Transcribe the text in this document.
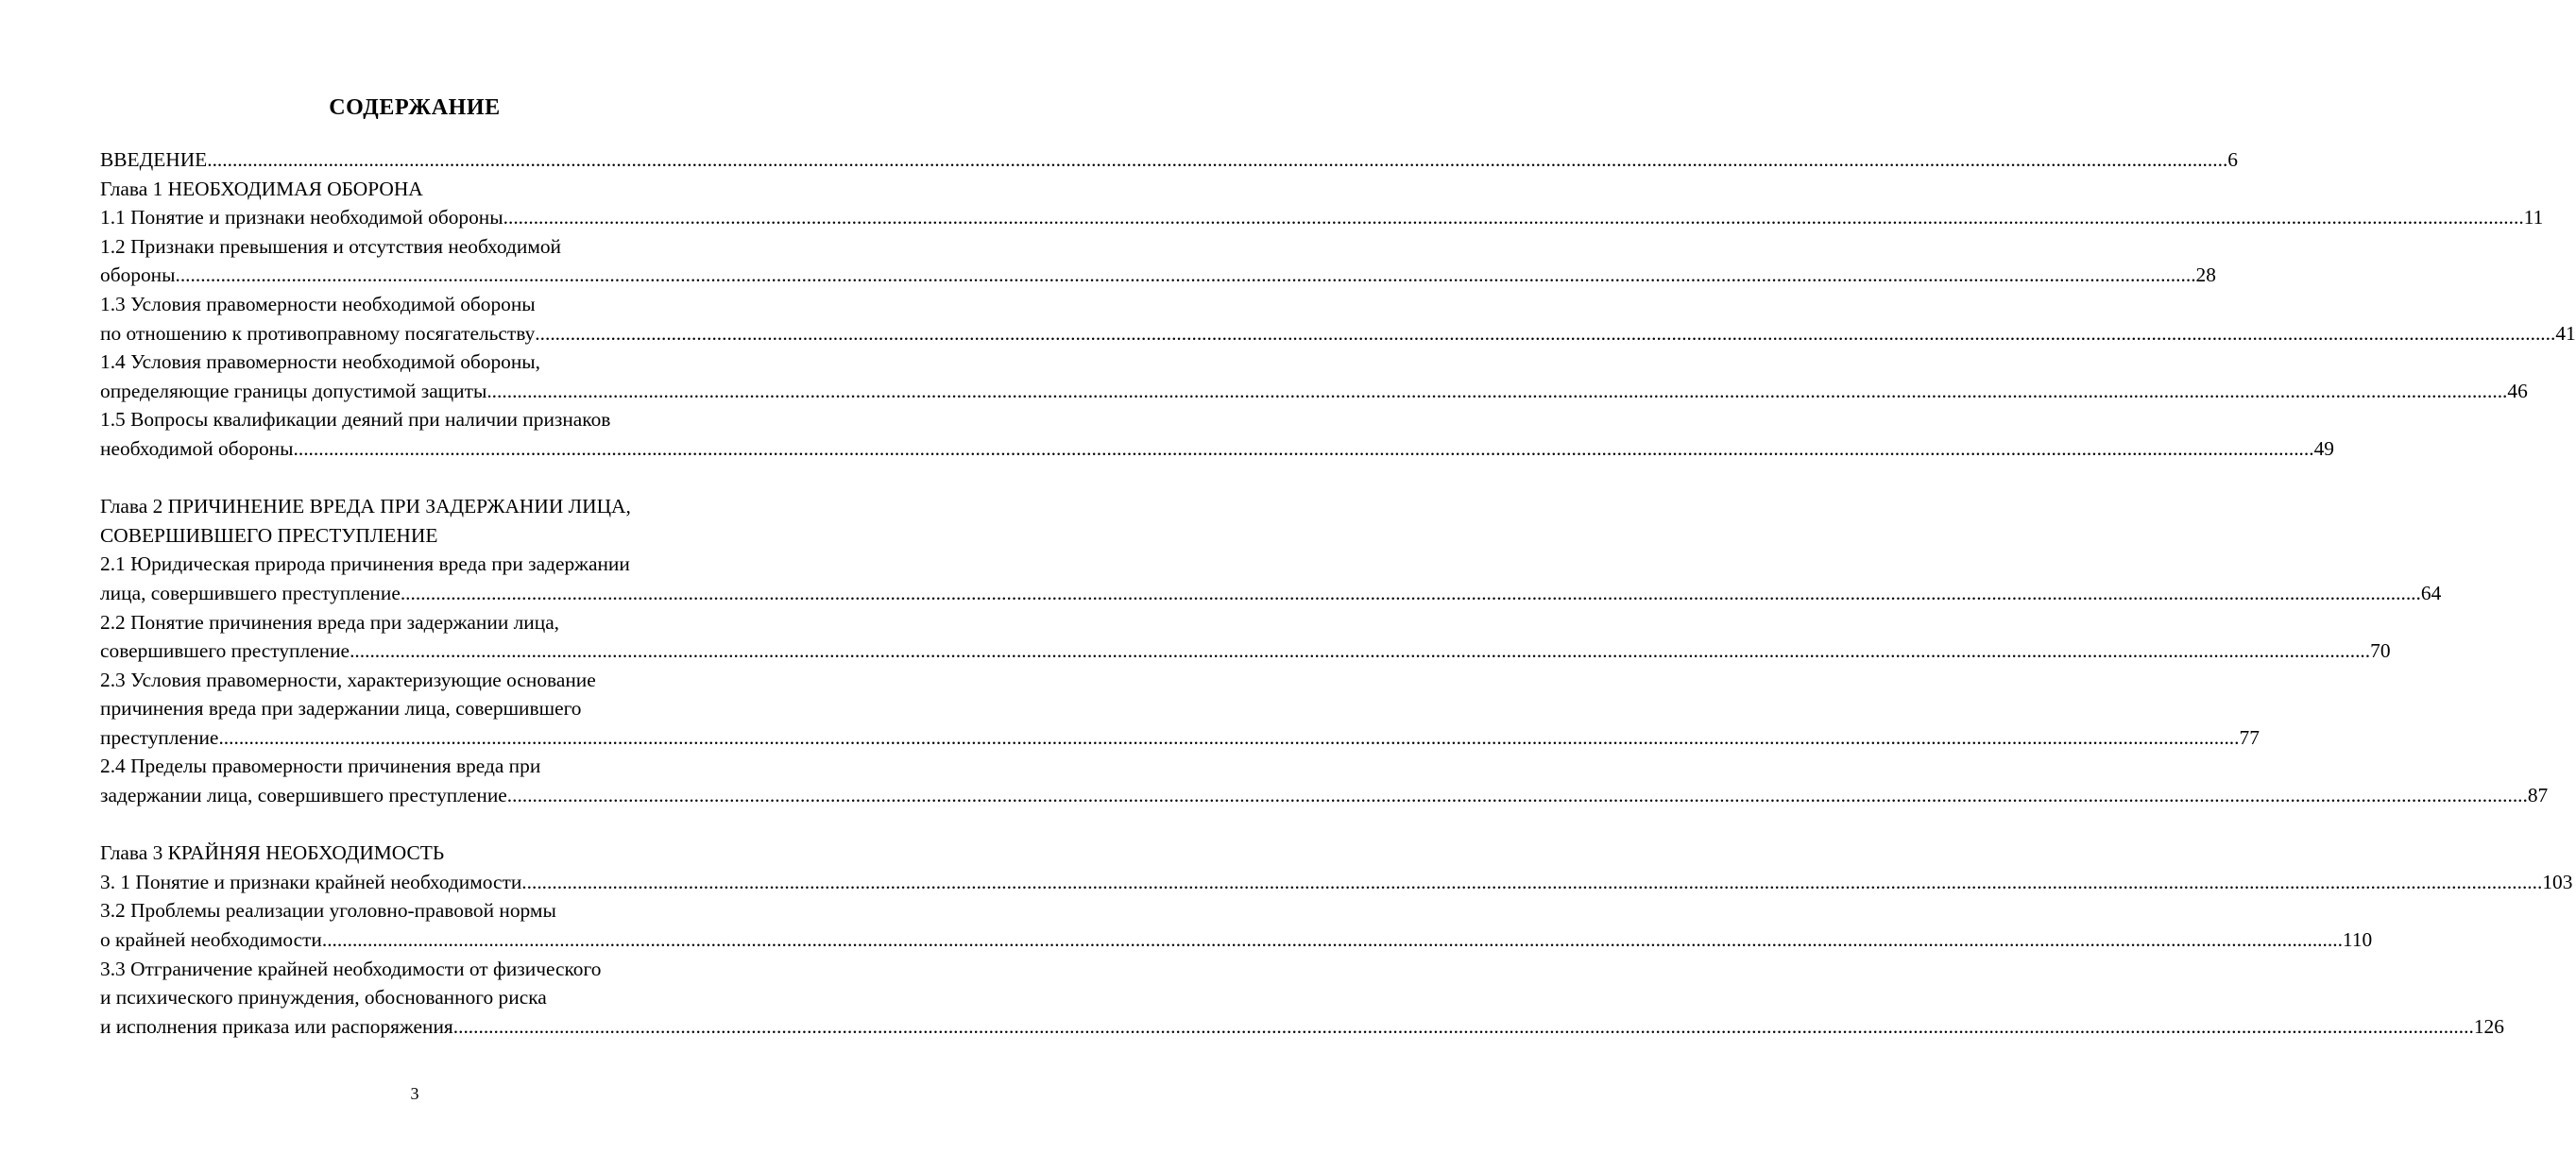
СОДЕРЖАНИЕ
ВВЕДЕНИЕ ................................................................................................................................................................................................................................................................................................................................................................................................................ 6
Глава 1 НЕОБХОДИМАЯ ОБОРОНА
1.1 Понятие и признаки необходимой обороны ................................................................................................................................................................................................................................................................................................................................................................................................................ 11
1.2 Признаки превышения и отсутствия необходимой
обороны ................................................................................................................................................................................................................................................................................................................................................................................................................ 28
1.3 Условия правомерности необходимой обороны
по отношению к противоправному посягательству ................................................................................................................................................................................................................................................................................................................................................................................................................ 41
1.4 Условия правомерности необходимой обороны,
определяющие границы допустимой защиты ................................................................................................................................................................................................................................................................................................................................................................................................................ 46
1.5 Вопросы квалификации деяний при наличии признаков
необходимой обороны ................................................................................................................................................................................................................................................................................................................................................................................................................ 49
Глава 2 ПРИЧИНЕНИЕ ВРЕДА ПРИ ЗАДЕРЖАНИИ ЛИЦА,
СОВЕРШИВШЕГО ПРЕСТУПЛЕНИЕ
2.1 Юридическая природа причинения вреда при задержании
лица, совершившего преступление ................................................................................................................................................................................................................................................................................................................................................................................................................ 64
2.2 Понятие причинения вреда при задержании лица,
совершившего преступление ................................................................................................................................................................................................................................................................................................................................................................................................................ 70
2.3 Условия правомерности, характеризующие основание
причинения вреда при задержании лица, совершившего
преступление ................................................................................................................................................................................................................................................................................................................................................................................................................ 77
2.4 Пределы правомерности причинения вреда при
задержании лица, совершившего преступление ................................................................................................................................................................................................................................................................................................................................................................................................................ 87
Глава 3 КРАЙНЯЯ НЕОБХОДИМОСТЬ
3. 1 Понятие и признаки крайней необходимости ................................................................................................................................................................................................................................................................................................................................................................................................................ 103
3.2 Проблемы реализации уголовно-правовой нормы
о крайней необходимости ................................................................................................................................................................................................................................................................................................................................................................................................................ 110
3.3 Отграничение крайней необходимости от физического
и психического принуждения, обоснованного риска
и исполнения приказа или распоряжения ................................................................................................................................................................................................................................................................................................................................................................................................................ 126
3
